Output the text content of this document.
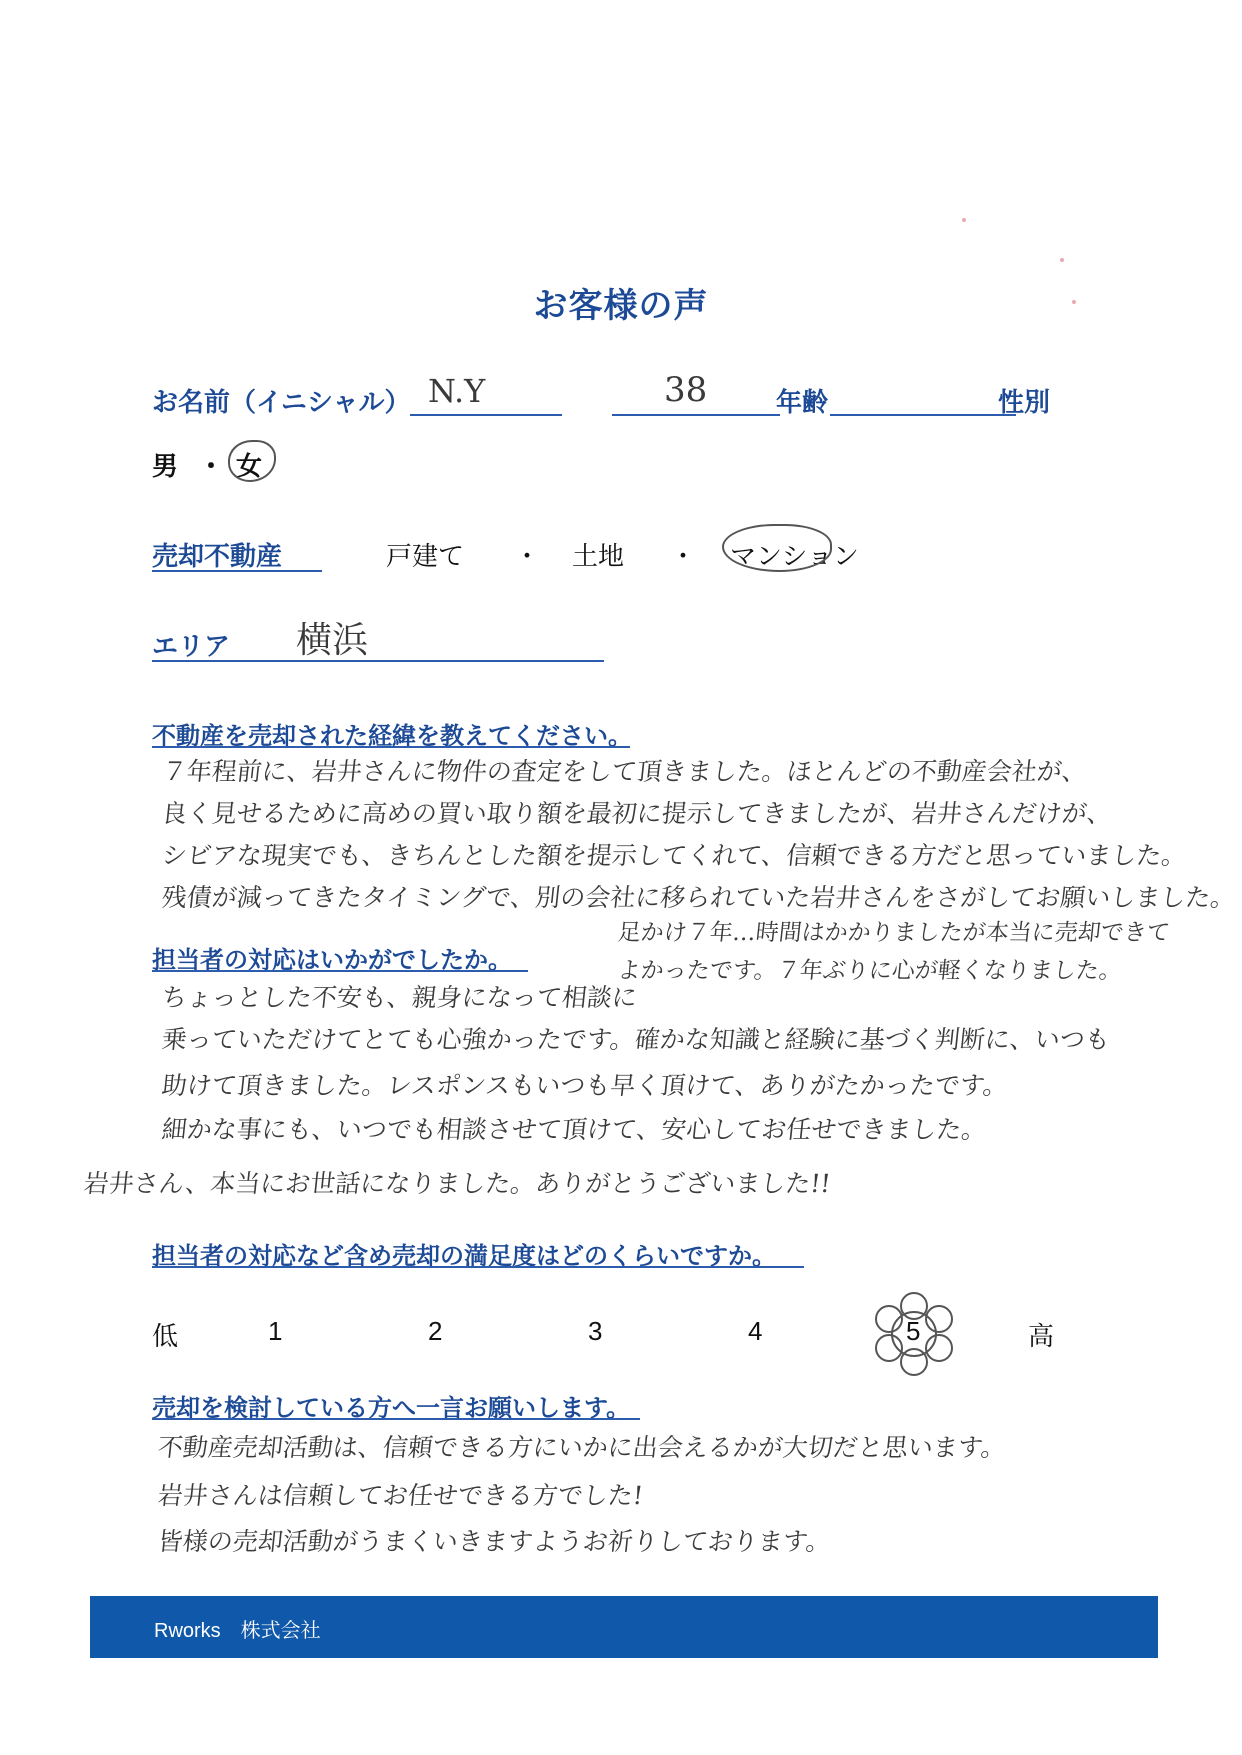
お客様の声
お名前（イニシャル） N.Y	38	年齢	性別
男 ・ 女
売却不動産	戸建て ・ 土地 ・ マンション
エリア 横浜
不動産を売却された経緯を教えてください。
７年程前に、岩井さんに物件の査定をして頂きました。ほとんどの不動産会社が、
良く見せるために高めの買い取り額を最初に提示してきましたが、岩井さんだけが、
シビアな現実でも、きちんとした額を提示してくれて、信頼できる方だと思っていました。
残債が減ってきたタイミングで、別の会社に移られていた岩井さんをさがしてお願いしました。
足かけ７年…時間はかかりましたが本当に売却できて
よかったです。７年ぶりに心が軽くなりました。
担当者の対応はいかがでしたか。
ちょっとした不安も、親身になって相談に
乗っていただけてとても心強かったです。確かな知識と経験に基づく判断に、いつも
助けて頂きました。レスポンスもいつも早く頂けて、ありがたかったです。
細かな事にも、いつでも相談させて頂けて、安心してお任せできました。
岩井さん、本当にお世話になりました。ありがとうございました!!
担当者の対応など含め売却の満足度はどのくらいですか。
低	1	2	3	4	5	高
売却を検討している方へ一言お願いします。
不動産売却活動は、信頼できる方にいかに出会えるかが大切だと思います。
岩井さんは信頼してお任せできる方でした!
皆様の売却活動がうまくいきますようお祈りしております。
Rworks　株式会社
